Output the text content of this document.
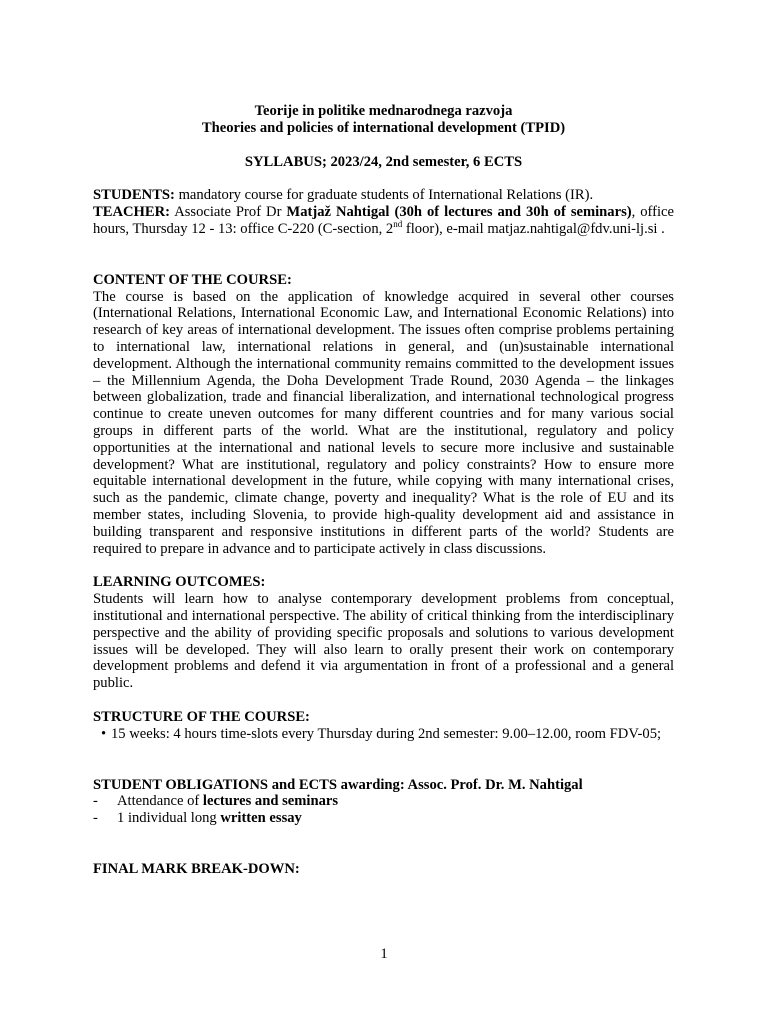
Teorije in politike mednarodnega razvoja
Theories and policies of international development (TPID)
SYLLABUS; 2023/24, 2nd semester, 6 ECTS

STUDENTS: mandatory course for graduate students of International Relations (IR).

TEACHER: Associate Prof Dr Matjaž Nahtigal (30h of lectures and 30h of seminars), office hours, Thursday 12 - 13: office C-220 (C-section, 2nd floor), e-mail matjaz.nahtigal@fdv.uni-lj.si .

CONTENT OF THE COURSE:

The course is based on the application of knowledge acquired in several other courses (International Relations, International Economic Law, and International Economic Relations) into research of key areas of international development. The issues often comprise problems pertaining to international law, international relations in general, and (un)sustainable international development. Although the international community remains committed to the development issues – the Millennium Agenda, the Doha Development Trade Round, 2030 Agenda – the linkages between globalization, trade and financial liberalization, and international technological progress continue to create uneven outcomes for many different countries and for many various social groups in different parts of the world. What are the institutional, regulatory and policy opportunities at the international and national levels to secure more inclusive and sustainable development? What are institutional, regulatory and policy constraints? How to ensure more equitable international development in the future, while copying with many international crises, such as the pandemic, climate change, poverty and inequality? What is the role of EU and its member states, including Slovenia, to provide high-quality development aid and assistance in building transparent and responsive institutions in different parts of the world? Students are required to prepare in advance and to participate actively in class discussions.

LEARNING OUTCOMES:

Students will learn how to analyse contemporary development problems from conceptual, institutional and international perspective. The ability of critical thinking from the interdisciplinary perspective and the ability of providing specific proposals and solutions to various development issues will be developed. They will also learn to orally present their work on contemporary development problems and defend it via argumentation in front of a professional and a general public.

STRUCTURE OF THE COURSE:
• 15 weeks: 4 hours time-slots every Thursday during 2nd semester: 9.00–12.00, room FDV-05;
STUDENT OBLIGATIONS and ECTS awarding: Assoc. Prof. Dr. M. Nahtigal
- Attendance of lectures and seminars
- 1 individual long written essay
FINAL MARK BREAK-DOWN:
1
